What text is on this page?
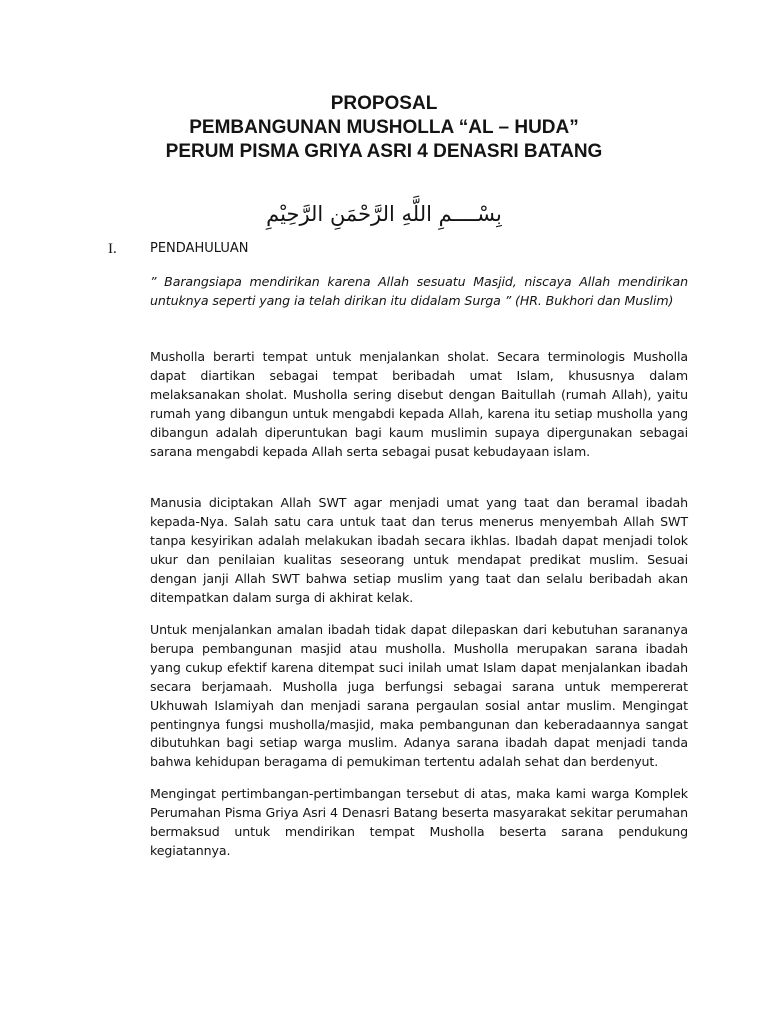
PROPOSAL
PEMBANGUNAN MUSHOLLA “AL – HUDA”
PERUM PISMA GRIYA ASRI 4 DENASRI BATANG
بِسْــــمِ اللَّهِ الرَّحْمَنِ الرَّحِيْمِ
I.	PENDAHULUAN

” Barangsiapa mendirikan karena Allah sesuatu Masjid, niscaya Allah mendirikan untuknya seperti yang ia telah dirikan itu didalam Surga ” (HR. Bukhori dan Muslim)

Musholla berarti tempat untuk menjalankan sholat. Secara terminologis Musholla dapat diartikan sebagai tempat beribadah umat Islam, khususnya dalam melaksanakan sholat. Musholla sering disebut dengan Baitullah (rumah Allah), yaitu rumah yang dibangun untuk mengabdi kepada Allah, karena itu setiap musholla yang dibangun adalah diperuntukan bagi kaum muslimin supaya dipergunakan sebagai sarana mengabdi kepada Allah serta sebagai pusat kebudayaan islam.

Manusia diciptakan Allah SWT agar menjadi umat yang taat dan beramal ibadah kepada-Nya. Salah satu cara untuk taat dan terus menerus menyembah Allah SWT tanpa kesyirikan adalah melakukan ibadah secara ikhlas. Ibadah dapat menjadi tolok ukur dan penilaian kualitas seseorang untuk mendapat predikat muslim. Sesuai dengan janji Allah SWT bahwa setiap muslim yang taat dan selalu beribadah akan ditempatkan dalam surga di akhirat kelak.

Untuk menjalankan amalan ibadah tidak dapat dilepaskan dari kebutuhan sarananya berupa pembangunan masjid atau musholla. Musholla merupakan sarana ibadah yang cukup efektif karena ditempat suci inilah umat Islam dapat menjalankan ibadah secara berjamaah. Musholla juga berfungsi sebagai sarana untuk mempererat Ukhuwah Islamiyah dan menjadi sarana pergaulan sosial antar muslim. Mengingat pentingnya fungsi musholla/masjid, maka pembangunan dan keberadaannya sangat dibutuhkan bagi setiap warga muslim. Adanya sarana ibadah dapat menjadi tanda bahwa kehidupan beragama di pemukiman tertentu adalah sehat dan berdenyut.

Mengingat pertimbangan-pertimbangan tersebut di atas, maka kami warga Komplek Perumahan Pisma Griya Asri 4 Denasri Batang beserta masyarakat sekitar perumahan bermaksud untuk mendirikan tempat Musholla beserta sarana pendukung kegiatannya.
